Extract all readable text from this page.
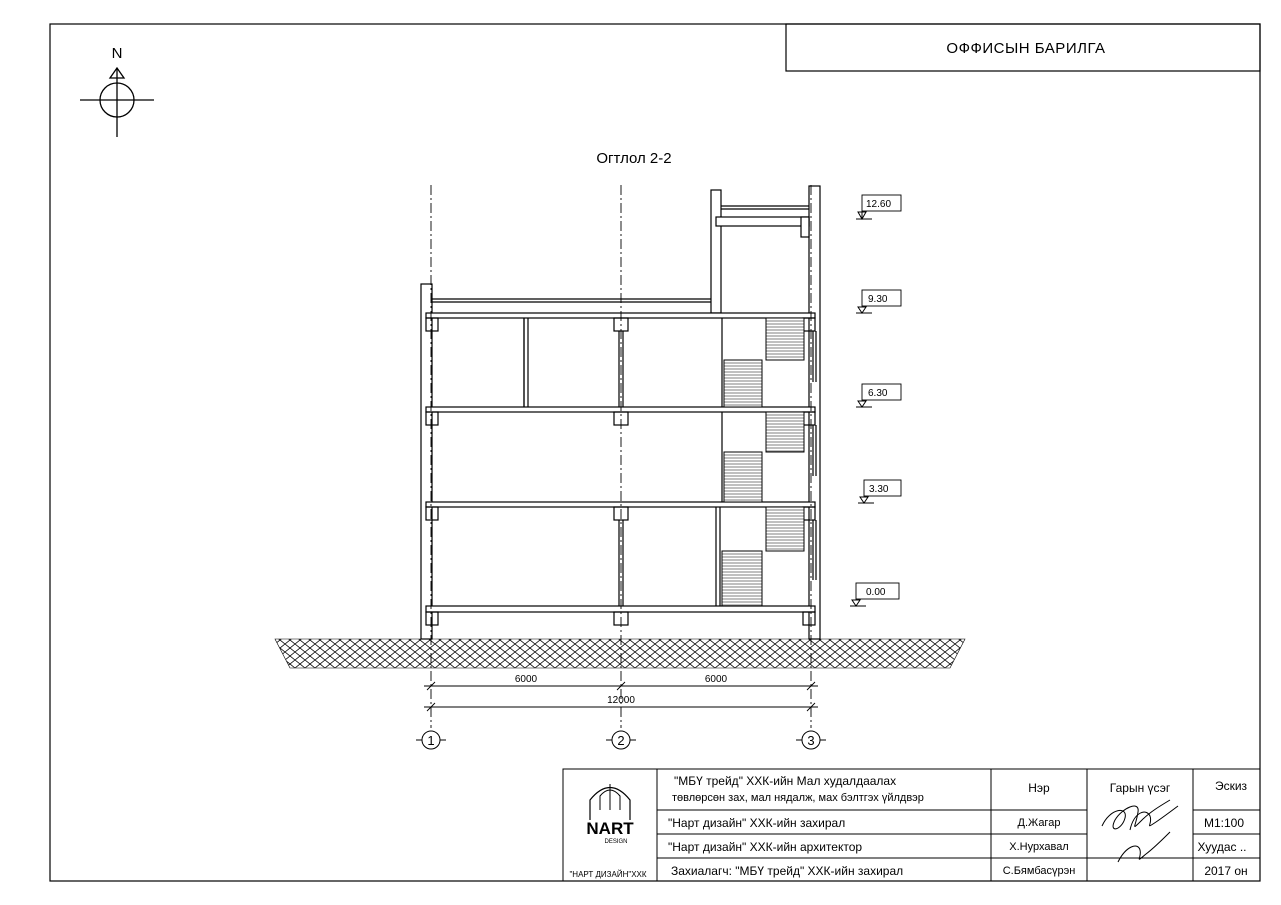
ОФФИСЫН БАРИЛГА
N
Огтлол 2-2
12.60
9.30
6.30
3.30
0.00
6000	6000
12000
1	2	3
NART
DESIGN
"НАРТ ДИЗАЙН"ХХК
"МБҮ трейд" ХХК-ийн Мал худалдаалах
төвлөрсөн зах, мал нядалж, мах бэлтгэх үйлдвэр
Нэр	Гарын үсэг	Эскиз
"Нарт дизайн" ХХК-ийн захирал	Д.Жагар	М1:100
"Нарт дизайн" ХХК-ийн архитектор	Х.Нурхавал	Хуудас ..
Захиалагч: "МБҮ трейд" ХХК-ийн захирал	С.Бямбасүрэн	2017 он
